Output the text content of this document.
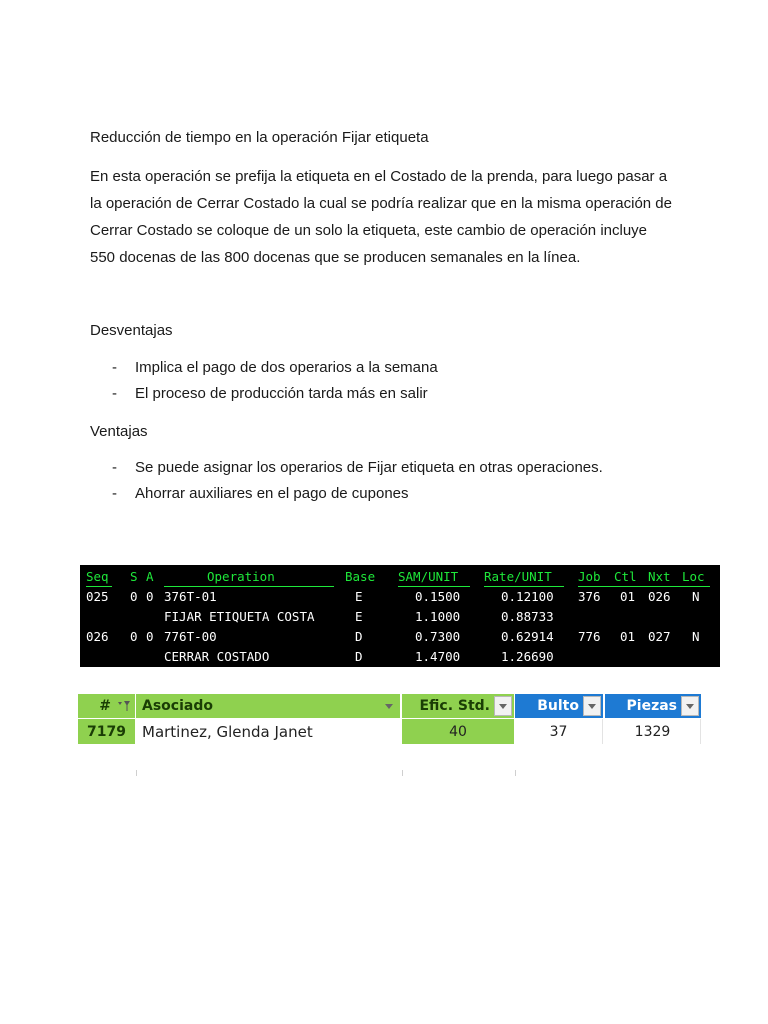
Reducción de tiempo en la operación Fijar etiqueta
En esta operación se prefija la etiqueta en el Costado de la prenda, para luego pasar a
la operación de Cerrar Costado la cual se podría realizar que en la misma operación de
Cerrar Costado se coloque de un solo la etiqueta, este cambio de operación incluye
550 docenas de las 800 docenas que se producen semanales en la línea.
Desventajas
- Implica el pago de dos operarios a la semana
- El proceso de producción tarda más en salir
Ventajas
- Se puede asignar los operarios de Fijar etiqueta en otras operaciones.
- Ahorrar auxiliares en el pago de cupones
Seq S A	Operation	Base SAM/UNIT Rate/UNIT Job Ctl Nxt Loc
025 0 0 376T-01	E	0.1500	0.12100 376 01 026 N
FIJAR ETIQUETA COSTA	E	1.1000	0.88733
026 0 0 776T-00	D	0.7300	0.62914 776 01 027 N
CERRAR COSTADO	D	1.4700	1.26690
# Asociado	Efic. Std.	Bulto	Piezas
7179	Martinez, Glenda Janet	40	37	1329
